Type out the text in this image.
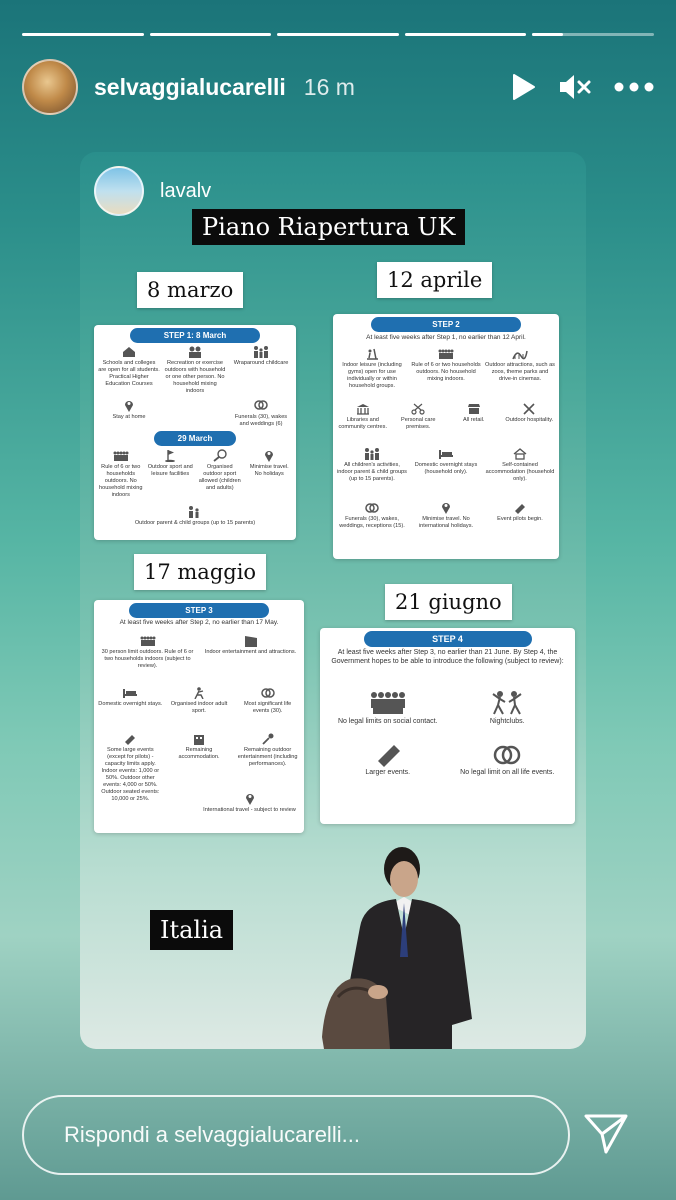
selvaggialucarelli 16 m
lavalv
Piano Riapertura UK
8 marzo	12 aprile
17 maggio
21 giugno
STEP 1: 8 March
Schools and colleges are open for all students. Practical Higher Education Courses
Recreation or exercise outdoors with household or one other person. No household mixing indoors
Wraparound childcare
Stay at home	Funerals (30), wakes and weddings (6)
29 March
Rule of 6 or two households outdoors. No household mixing indoors
Outdoor sport and leisure facilities
Organised outdoor sport allowed (children and adults)
Minimise travel. No holidays
Outdoor parent & child groups (up to 15 parents)
STEP 2
At least five weeks after Step 1, no earlier than 12 April.
Indoor leisure (including gyms) open for use individually or within household groups.
Rule of 6 or two households outdoors. No household mixing indoors.
Outdoor attractions, such as zoos, theme parks and drive-in cinemas.
Libraries and community centres.
Personal care premises.
All retail.	Outdoor hospitality.
All children's activities, indoor parent & child groups (up to 15 parents).
Domestic overnight stays (household only).
Self-contained accommodation (household only).
Funerals (30), wakes, weddings, receptions (15).
Minimise travel. No international holidays.
Event pilots begin.
STEP 3
At least five weeks after Step 2, no earlier than 17 May.
30 person limit outdoors. Rule of 6 or two households indoors (subject to review).
Indoor entertainment and attractions.
Domestic overnight stays.	Organised indoor adult sport.
Most significant life events (30).
Some large events (except for pilots) - capacity limits apply. Indoor events: 1,000 or 50%. Outdoor other events: 4,000 or 50%. Outdoor seated events: 10,000 or 25%.
Remaining accommodation.
Remaining outdoor entertainment (including performances).
International travel - subject to review
STEP 4
At least five weeks after Step 3, no earlier than 21 June. By Step 4, the Government hopes to be able to introduce the following (subject to review):
No legal limits on social contact.	Nightclubs.
Larger events.	No legal limit on all life events.
Italia
Rispondi a selvaggialucarelli...
